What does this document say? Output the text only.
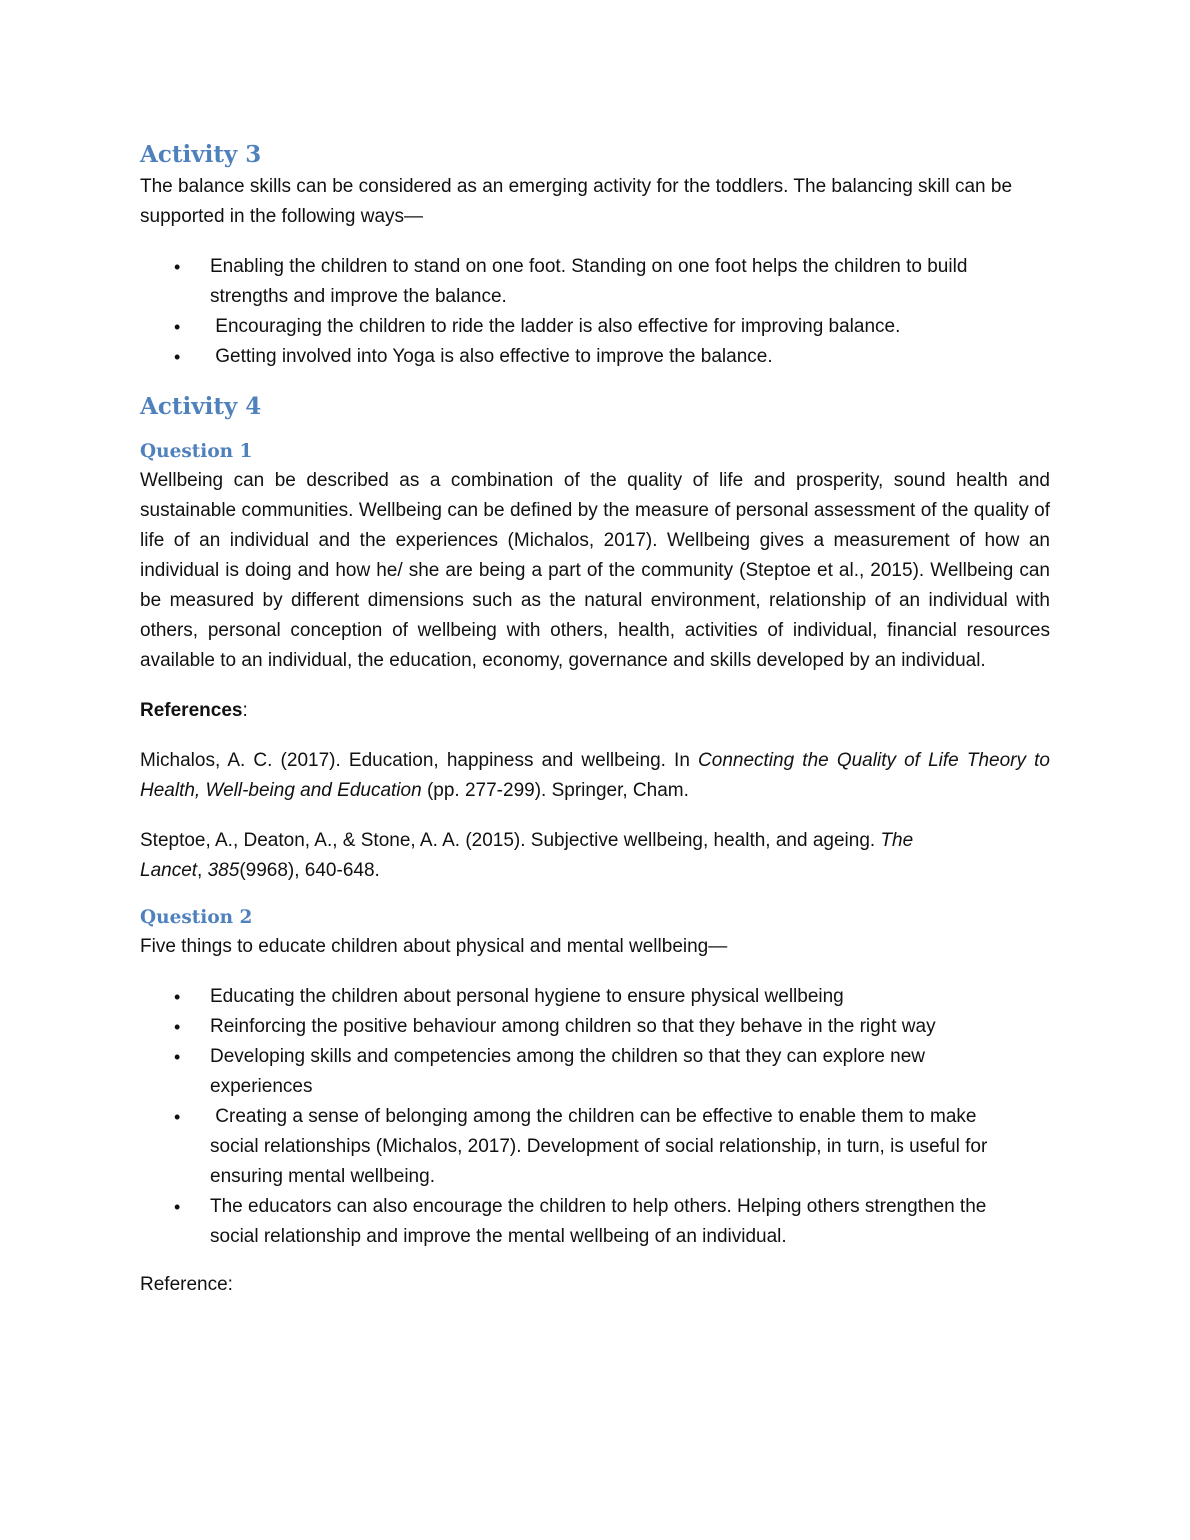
Activity 3

The balance skills can be considered as an emerging activity for the toddlers. The balancing skill can be supported in the following ways—

• Enabling the children to stand on one foot. Standing on one foot helps the children to build strengths and improve the balance.
• Encouraging the children to ride the ladder is also effective for improving balance.
• Getting involved into Yoga is also effective to improve the balance.
Activity 4
Question 1

Wellbeing can be described as a combination of the quality of life and prosperity, sound health and sustainable communities. Wellbeing can be defined by the measure of personal assessment of the quality of life of an individual and the experiences (Michalos, 2017). Wellbeing gives a measurement of how an individual is doing and how he/ she are being a part of the community (Steptoe et al., 2015). Wellbeing can be measured by different dimensions such as the natural environment, relationship of an individual with others, personal conception of wellbeing with others, health, activities of individual, financial resources available to an individual, the education, economy, governance and skills developed by an individual.

References:

Michalos, A. C. (2017). Education, happiness and wellbeing. In Connecting the Quality of Life Theory to Health, Well-being and Education (pp. 277-299). Springer, Cham.

Steptoe, A., Deaton, A., & Stone, A. A. (2015). Subjective wellbeing, health, and ageing. The Lancet, 385(9968), 640-648.

Question 2

Five things to educate children about physical and mental wellbeing—

• Educating the children about personal hygiene to ensure physical wellbeing
• Reinforcing the positive behaviour among children so that they behave in the right way
• Developing skills and competencies among the children so that they can explore new experiences
• Creating a sense of belonging among the children can be effective to enable them to make social relationships (Michalos, 2017). Development of social relationship, in turn, is useful for ensuring mental wellbeing.
• The educators can also encourage the children to help others. Helping others strengthen the social relationship and improve the mental wellbeing of an individual.

Reference:
